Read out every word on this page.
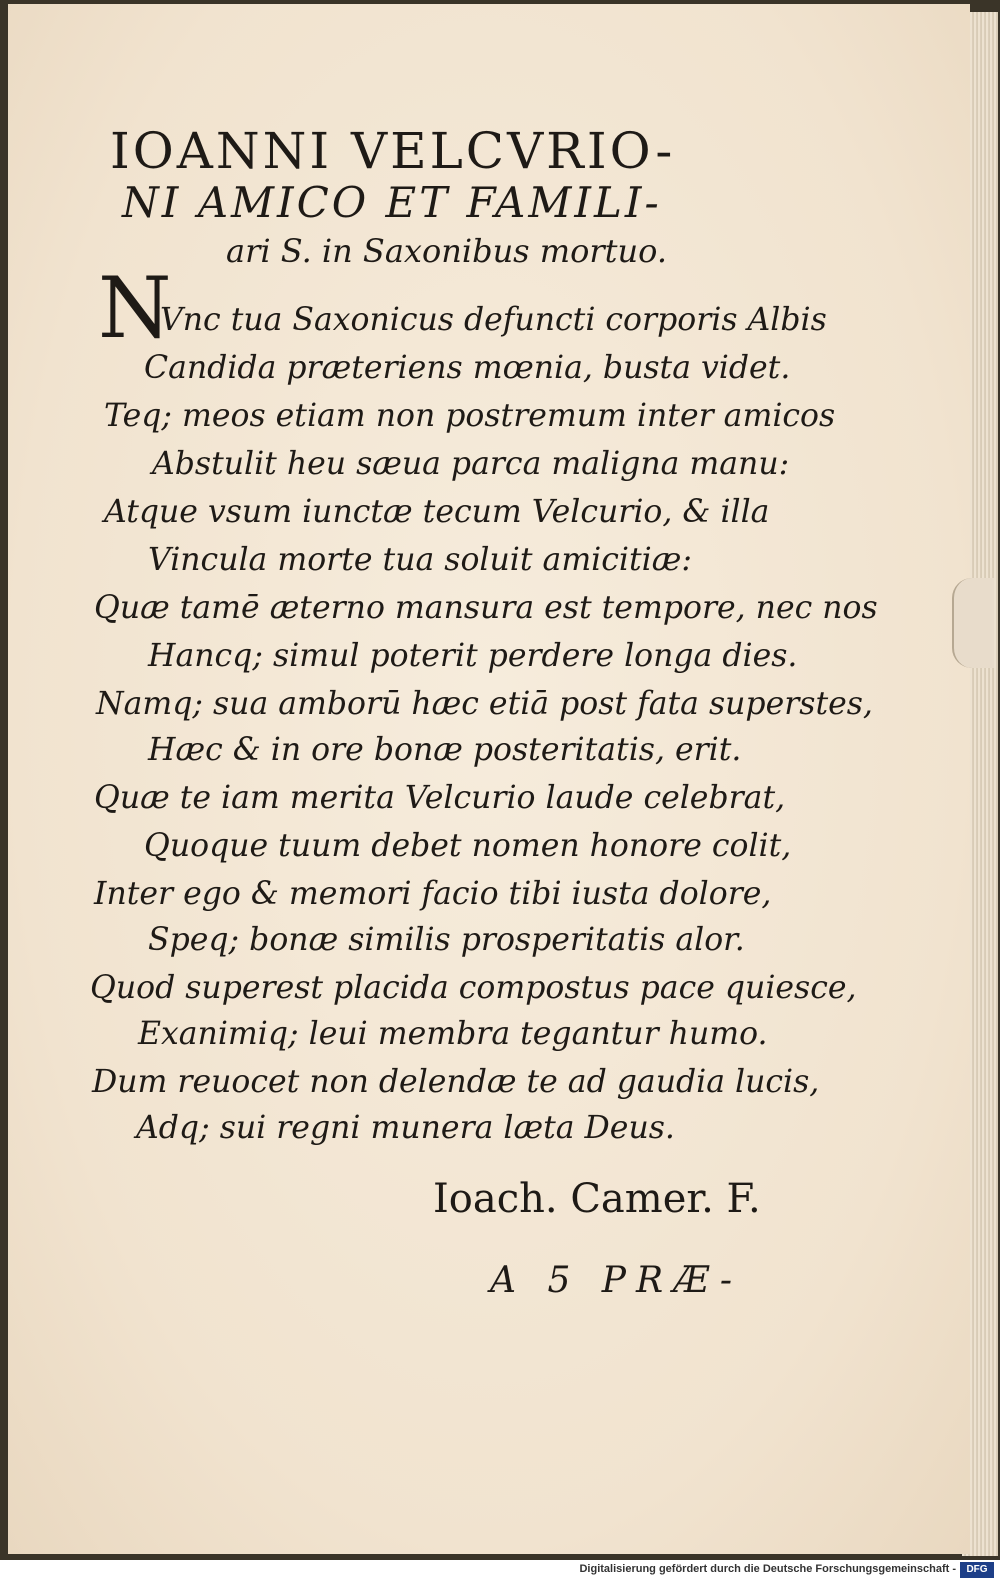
IOANNI VELCVRIO-
NI AMICO ET FAMILI-
ari S. in Saxonibus mortuo.
N
Vnc tua Saxonicus defuncti corporis Albis
Candida præteriens mœnia, busta videt.
Teq; meos etiam non postremum inter amicos
Abstulit heu sæua parca maligna manu:
Atque vsum iunctæ tecum Velcurio, & illa
Vincula morte tua soluit amicitiæ:
Quæ tamē æterno mansura est tempore, nec nos
Hancq; simul poterit perdere longa dies.
Namq; sua amborū hæc etiā post fata superstes,
Hæc & in ore bonæ posteritatis, erit.
Quæ te iam merita Velcurio laude celebrat,
Quoque tuum debet nomen honore colit,
Inter ego & memori facio tibi iusta dolore,
Speq; bonæ similis prosperitatis alor.
Quod superest placida compostus pace quiesce,
Exanimiq; leui membra tegantur humo.
Dum reuocet non delendæ te ad gaudia lucis,
Adq; sui regni munera læta Deus.
Ioach. Camer. F.
A 5 PRÆ-
Digitalisierung gefördert durch die Deutsche Forschungsgemeinschaft -	DFG
